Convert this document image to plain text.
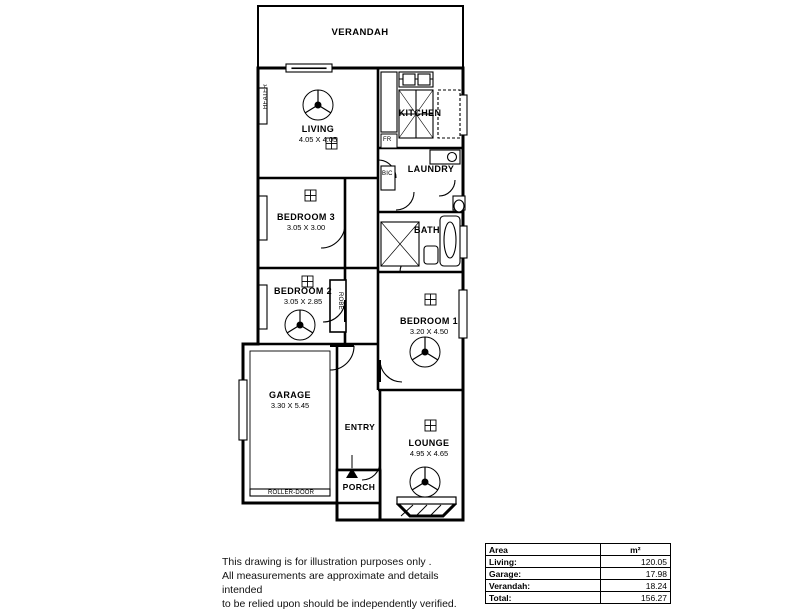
VERANDAH
LIVING
4.05 X 4.05
KITCHEN
LAUNDRY
BATH
BEDROOM 3
3.05 X 3.00
BEDROOM 2
3.05 X 2.85
BEDROOM 1
3.20 X 4.50
GARAGE
3.30 X 5.45
ENTRY
LOUNGE
4.95 X 4.65
PORCH
HEATER
FR
BIC
ROBE
ROLLER-DOOR
This drawing is for illustration purposes only .
All measurements are approximate and details intended
to be relied upon should be independently verified.
Area	m²
Living:	120.05
Garage:	17.98
Verandah:	18.24
Total:	156.27
